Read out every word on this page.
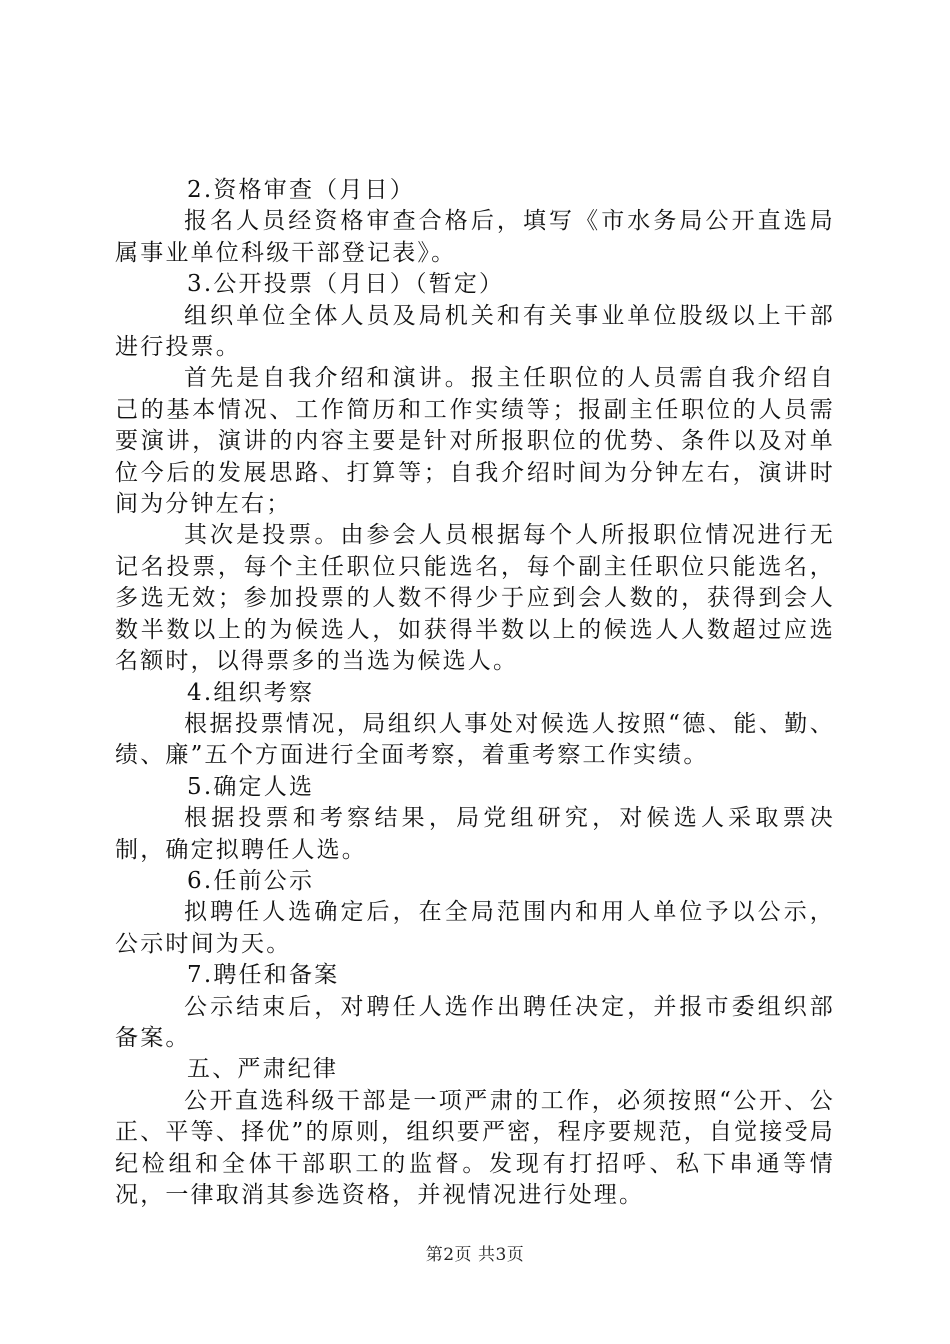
2.资格审查（月日）

报名人员经资格审查合格后，填写《市水务局公开直选局属事业单位科级干部登记表》。

3.公开投票（月日）（暂定）

组织单位全体人员及局机关和有关事业单位股级以上干部进行投票。

首先是自我介绍和演讲。报主任职位的人员需自我介绍自己的基本情况、工作简历和工作实绩等；报副主任职位的人员需要演讲，演讲的内容主要是针对所报职位的优势、条件以及对单位今后的发展思路、打算等；自我介绍时间为分钟左右，演讲时间为分钟左右；

其次是投票。由参会人员根据每个人所报职位情况进行无记名投票，每个主任职位只能选名，每个副主任职位只能选名，多选无效；参加投票的人数不得少于应到会人数的，获得到会人数半数以上的为候选人，如获得半数以上的候选人人数超过应选名额时，以得票多的当选为候选人。

4.组织考察

根据投票情况，局组织人事处对候选人按照“德、能、勤、绩、廉”五个方面进行全面考察，着重考察工作实绩。

5.确定人选

根据投票和考察结果，局党组研究，对候选人采取票决制，确定拟聘任人选。

6.任前公示

拟聘任人选确定后，在全局范围内和用人单位予以公示，公示时间为天。

7.聘任和备案

公示结束后，对聘任人选作出聘任决定，并报市委组织部备案。

五、严肃纪律

公开直选科级干部是一项严肃的工作，必须按照“公开、公正、平等、择优”的原则，组织要严密，程序要规范，自觉接受局纪检组和全体干部职工的监督。发现有打招呼、私下串通等情况，一律取消其参选资格，并视情况进行处理。

第2页 共3页
